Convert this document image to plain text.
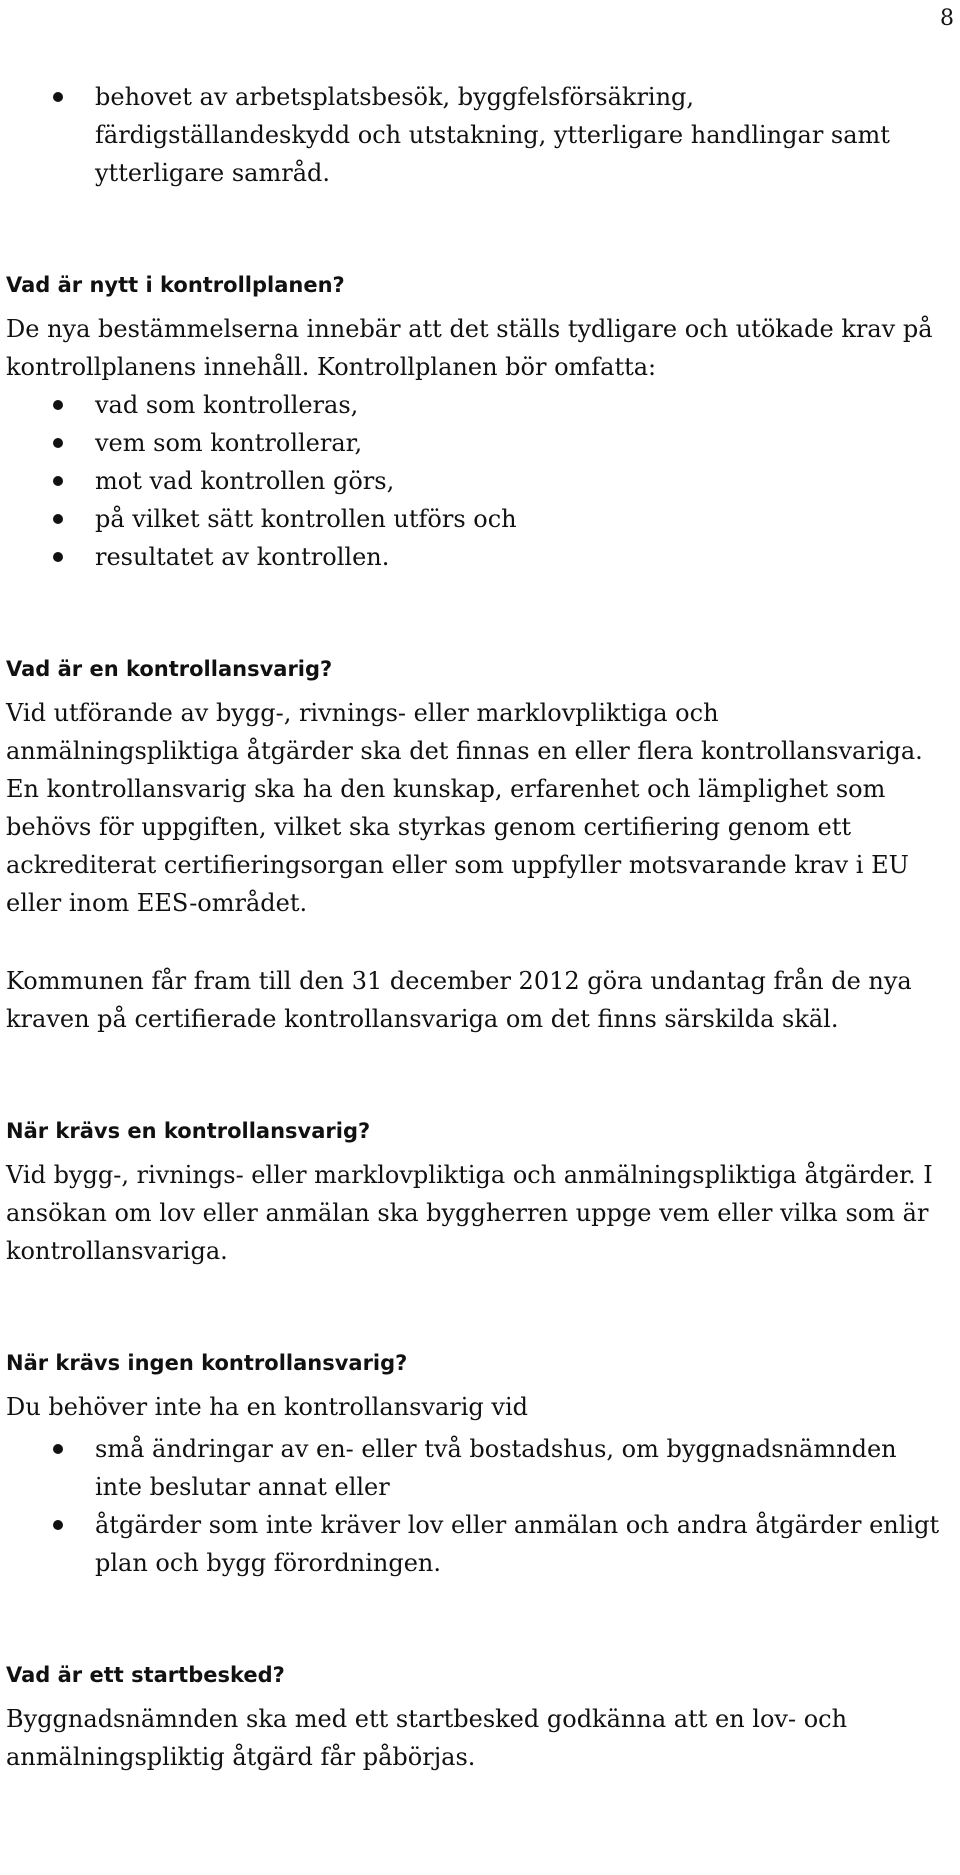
8
behovet av arbetsplatsbesök, byggfelsförsäkring, färdigställandeskydd och utstakning, ytterligare handlingar samt ytterligare samråd.
Vad är nytt i kontrollplanen?

De nya bestämmelserna innebär att det ställs tydligare och utökade krav på kontrollplanens innehåll. Kontrollplanen bör omfatta:

vad som kontrolleras,
vem som kontrollerar,
mot vad kontrollen görs,
på vilket sätt kontrollen utförs och
resultatet av kontrollen.
Vad är en kontrollansvarig?

Vid utförande av bygg-, rivnings- eller marklovpliktiga och anmälningspliktiga åtgärder ska det finnas en eller flera kontrollansvariga. En kontrollansvarig ska ha den kunskap, erfarenhet och lämplighet som behövs för uppgiften, vilket ska styrkas genom certifiering genom ett ackrediterat certifieringsorgan eller som uppfyller motsvarande krav i EU eller inom EES-området.

Kommunen får fram till den 31 december 2012 göra undantag från de nya kraven på certifierade kontrollansvariga om det finns särskilda skäl.

När krävs en kontrollansvarig?

Vid bygg-, rivnings- eller marklovpliktiga och anmälningspliktiga åtgärder. I ansökan om lov eller anmälan ska byggherren uppge vem eller vilka som är kontrollansvariga.

När krävs ingen kontrollansvarig?

Du behöver inte ha en kontrollansvarig vid

små ändringar av en- eller två bostadshus, om byggnadsnämnden inte beslutar annat eller
åtgärder som inte kräver lov eller anmälan och andra åtgärder enligt plan och bygg förordningen.
Vad är ett startbesked?

Byggnadsnämnden ska med ett startbesked godkänna att en lov- och anmälningspliktig åtgärd får påbörjas.
